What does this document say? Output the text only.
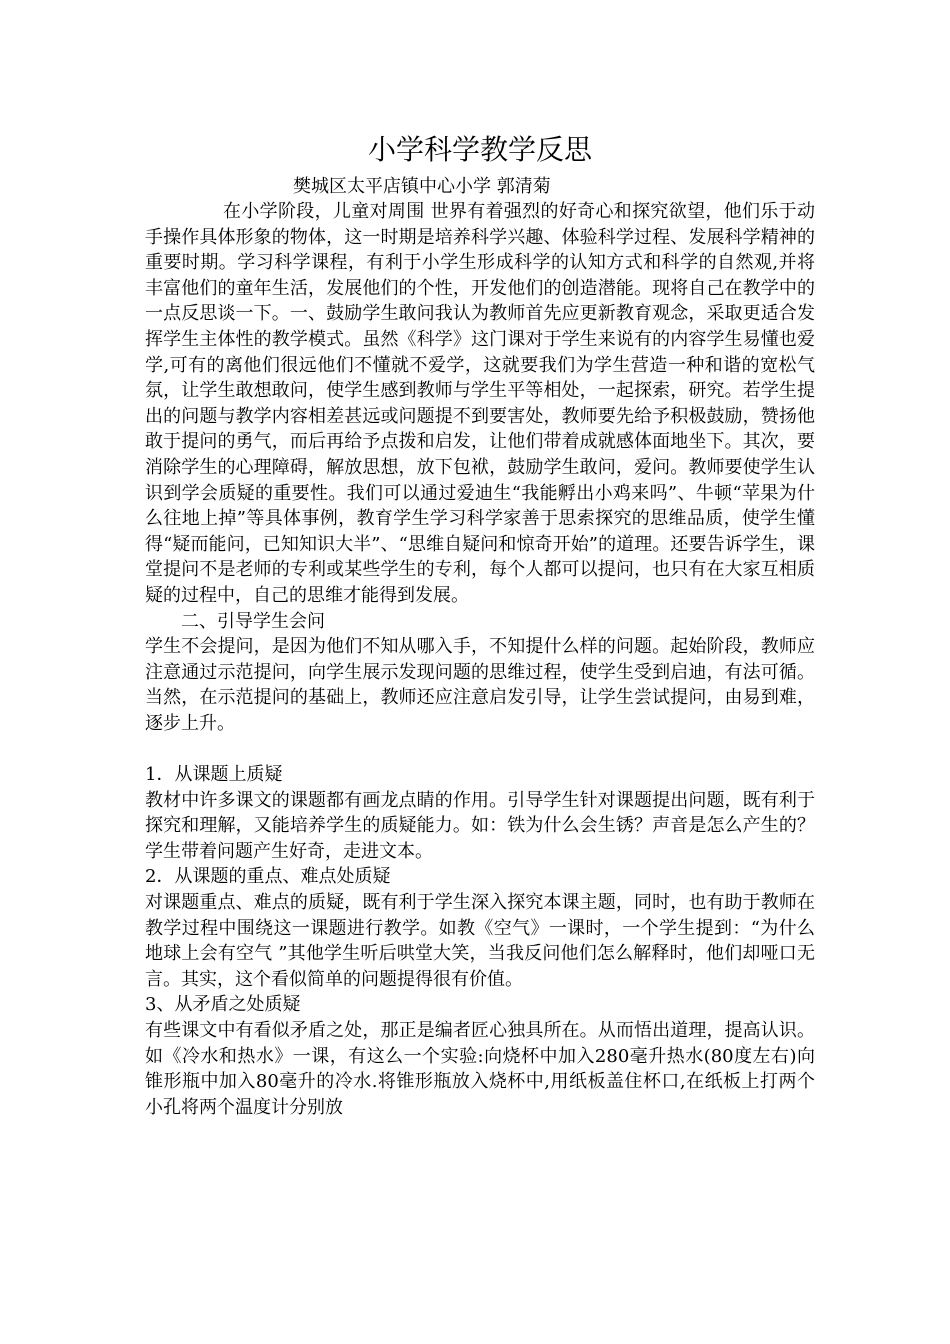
小学科学教学反思

樊城区太平店镇中心小学 郭清菊

在小学阶段，儿童对周围 世界有着强烈的好奇心和探究欲望，他们乐于动手操作具体形象的物体，这一时期是培养科学兴趣、体验科学过程、发展科学精神的重要时期。学习科学课程，有利于小学生形成科学的认知方式和科学的自然观,并将丰富他们的童年生活，发展他们的个性，开发他们的创造潜能。现将自己在教学中的一点反思谈一下。一、鼓励学生敢问我认为教师首先应更新教育观念，采取更适合发挥学生主体性的教学模式。虽然《科学》这门课对于学生来说有的内容学生易懂也爱学,可有的离他们很远他们不懂就不爱学，这就要我们为学生营造一种和谐的宽松气氛，让学生敢想敢问，使学生感到教师与学生平等相处，一起探索，研究。若学生提出的问题与教学内容相差甚远或问题提不到要害处，教师要先给予积极鼓励，赞扬他敢于提问的勇气，而后再给予点拨和启发，让他们带着成就感体面地坐下。其次，要消除学生的心理障碍，解放思想，放下包袱，鼓励学生敢问，爱问。教师要使学生认识到学会质疑的重要性。我们可以通过爱迪生“我能孵出小鸡来吗”、牛顿“苹果为什么往地上掉”等具体事例，教育学生学习科学家善于思索探究的思维品质，使学生懂得“疑而能问，已知知识大半”、“思维自疑问和惊奇开始”的道理。还要告诉学生，课堂提问不是老师的专利或某些学生的专利，每个人都可以提问，也只有在大家互相质疑的过程中，自己的思维才能得到发展。

二、引导学生会问

学生不会提问，是因为他们不知从哪入手，不知提什么样的问题。起始阶段，教师应注意通过示范提问，向学生展示发现问题的思维过程，使学生受到启迪，有法可循。当然，在示范提问的基础上，教师还应注意启发引导，让学生尝试提问，由易到难，逐步上升。

1．从课题上质疑

教材中许多课文的课题都有画龙点睛的作用。引导学生针对课题提出问题，既有利于探究和理解，又能培养学生的质疑能力。如：铁为什么会生锈？声音是怎么产生的？学生带着问题产生好奇，走进文本。

2．从课题的重点、难点处质疑

对课题重点、难点的质疑，既有利于学生深入探究本课主题，同时，也有助于教师在教学过程中围绕这一课题进行教学。如教《空气》一课时，一个学生提到：“为什么地球上会有空气 ”其他学生听后哄堂大笑，当我反问他们怎么解释时，他们却哑口无言。其实，这个看似简单的问题提得很有价值。

3、从矛盾之处质疑

有些课文中有看似矛盾之处，那正是编者匠心独具所在。从而悟出道理，提高认识。如《冷水和热水》一课，有这么一个实验:向烧杯中加入280毫升热水(80度左右)向锥形瓶中加入80毫升的冷水.将锥形瓶放入烧杯中,用纸板盖住杯口,在纸板上打两个小孔将两个温度计分别放
